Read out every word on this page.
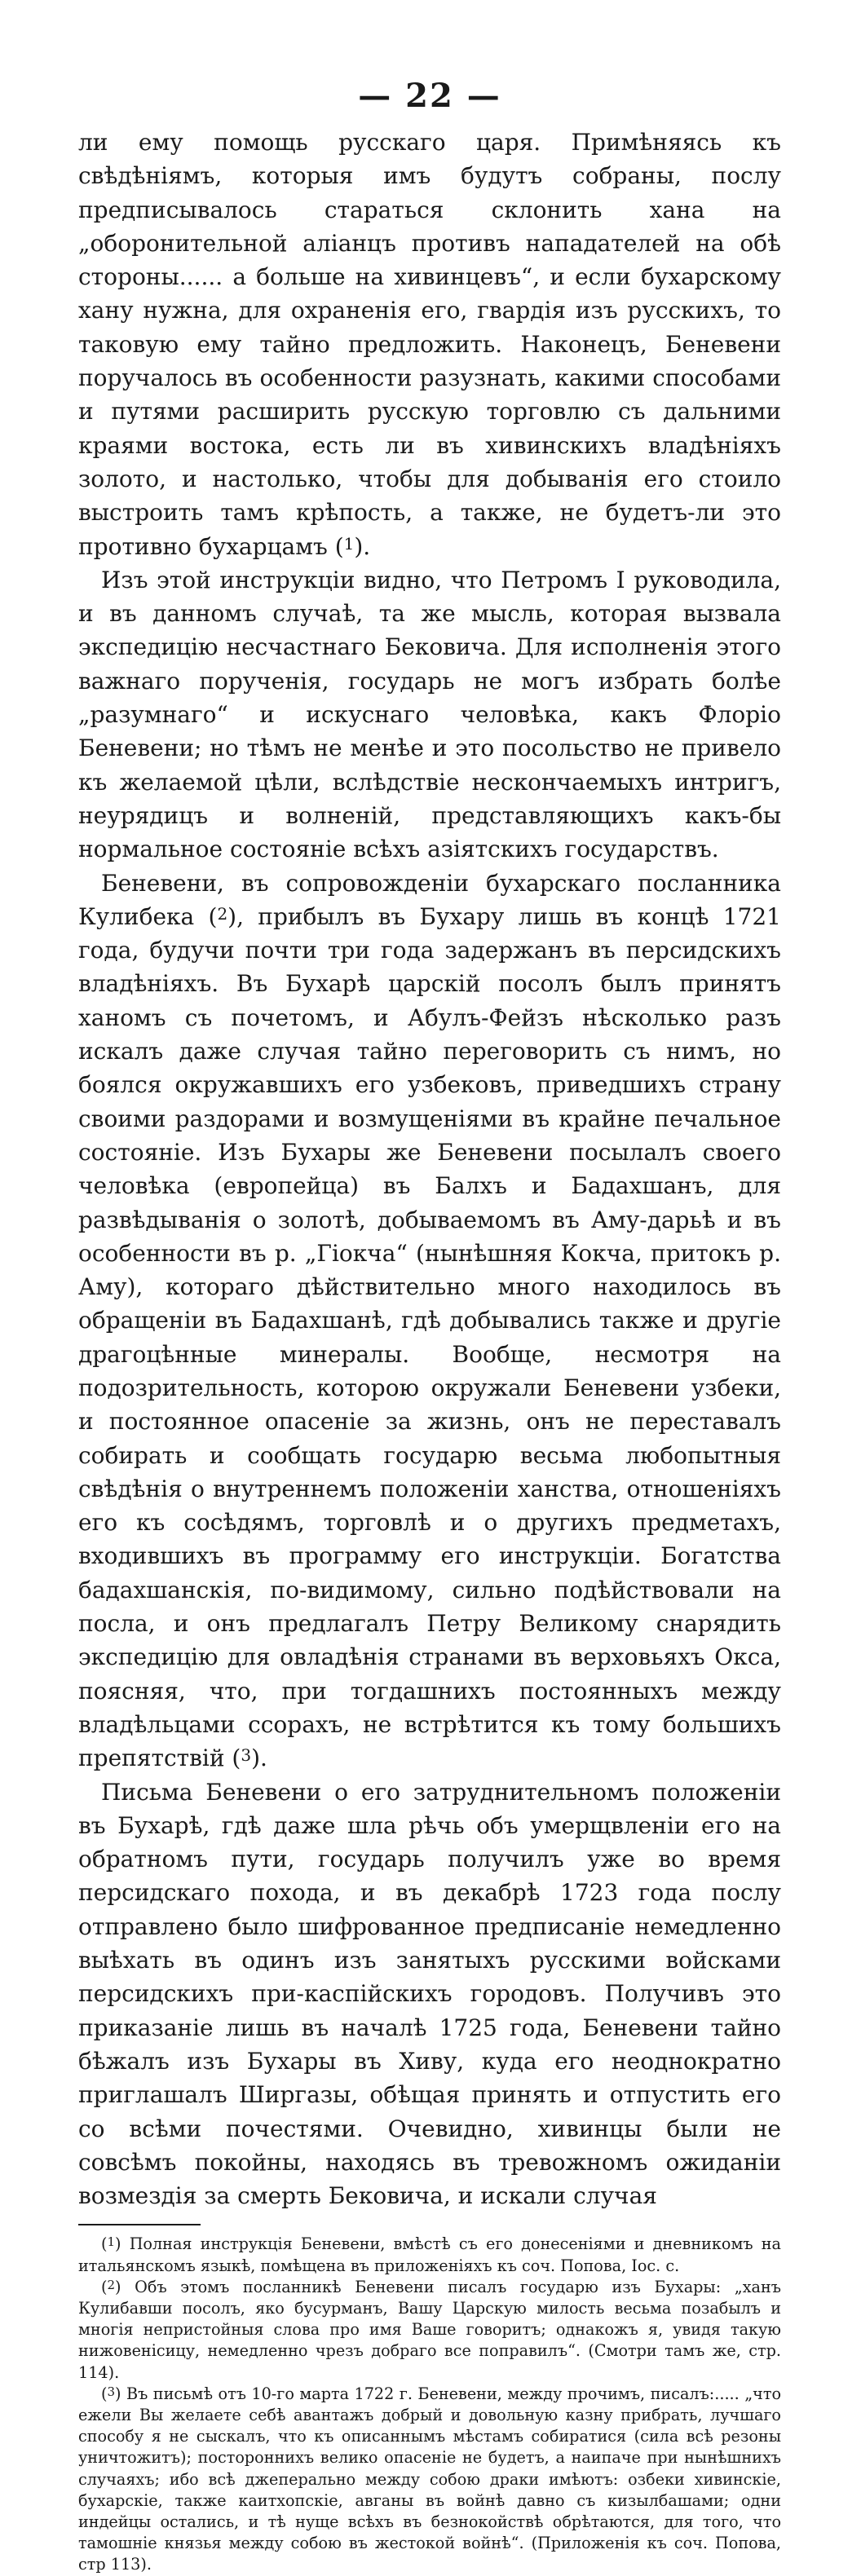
— 22 —

ли ему помощь русскаго царя. Примѣняясь къ свѣдѣніямъ, которыя имъ будутъ собраны, послу предписывалось стараться склонить хана на „оборонительной аліанцъ противъ нападателей на обѣ стороны...... а больше на хивинцевъ“, и если бухарскому хану нужна, для охраненія его, гвардія изъ русскихъ, то таковую ему тайно предложить. Наконецъ, Беневени поручалось въ особенности разузнать, какими способами и путями расширить русскую торговлю съ дальними краями востока, есть ли въ хивинскихъ владѣніяхъ золото, и настолько, чтобы для добыванія его стоило выстроить тамъ крѣпость, а также, не будетъ-ли это противно бухарцамъ ($^1$).

Изъ этой инструкціи видно, что Петромъ I руководила, и въ данномъ случаѣ, та же мысль, которая вызвала экспедицію несчастнаго Бековича. Для исполненія этого важнаго порученія, государь не могъ избрать болѣе „разумнаго“ и искуснаго человѣка, какъ Флоріо Беневени; но тѣмъ не менѣе и это посольство не привело къ желаемой цѣли, вслѣдствіе нескончаемыхъ интригъ, неурядицъ и волненій, представляющихъ какъ-бы нормальное состояніе всѣхъ азіятскихъ государствъ.

Беневени, въ сопровожденіи бухарскаго посланника Кулибека ($^2$), прибылъ въ Бухару лишь въ концѣ 1721 года, будучи почти три года задержанъ въ персидскихъ владѣніяхъ. Въ Бухарѣ царскій посолъ былъ принятъ ханомъ съ почетомъ, и Абулъ-Фейзъ нѣсколько разъ искалъ даже случая тайно переговорить съ нимъ, но боялся окружавшихъ его узбековъ, приведшихъ страну своими раздорами и возмущеніями въ крайне печальное состояніе. Изъ Бухары же Беневени посылалъ своего человѣка (европейца) въ Балхъ и Бадахшанъ, для развѣдыванія о золотѣ, добываемомъ въ Аму-дарьѣ и въ особенности въ р. „Гіокча“ (нынѣшняя Кокча, притокъ р. Аму), котораго дѣйствительно много находилось въ обращеніи въ Бадахшанѣ, гдѣ добывались также и другіе драгоцѣнные минералы. Вообще, несмотря на подозрительность, которою окружали Беневени узбеки, и постоянное опасеніе за жизнь, онъ не переставалъ собирать и сообщать государю весьма любопытныя свѣдѣнія о внутреннемъ положеніи ханства, отношеніяхъ его къ сосѣдямъ, торговлѣ и о другихъ предметахъ, входившихъ въ программу его инструкціи. Богатства бадахшанскія, по-видимому, сильно подѣйствовали на посла, и онъ предлагалъ Петру Великому снарядить экспедицію для овладѣнія странами въ верховьяхъ Окса, поясняя, что, при тогдашнихъ постоянныхъ между владѣльцами ссорахъ, не встрѣтится къ тому большихъ препятствій ($^3$).

Письма Беневени о его затруднительномъ положеніи въ Бухарѣ, гдѣ даже шла рѣчь объ умерщвленіи его на обратномъ пути, государь получилъ уже во время персидскаго похода, и въ декабрѣ 1723 года послу отправлено было шифрованное предписаніе немедленно выѣхать въ одинъ изъ занятыхъ русскими войсками персидскихъ при-каспійскихъ городовъ. Получивъ это приказаніе лишь въ началѣ 1725 года, Беневени тайно бѣжалъ изъ Бухары въ Хиву, куда его неоднократно приглашалъ Ширгазы, обѣщая принять и отпустить его со всѣми почестями. Очевидно, хивинцы были не совсѣмъ покойны, находясь въ тревожномъ ожиданіи возмездія за смерть Бековича, и искали случая

($^1$) Полная инструкція Беневени, вмѣстѣ съ его донесеніями и дневникомъ на итальянскомъ языкѣ, помѣщена въ приложеніяхъ къ соч. Попова, Іос. с.

($^2$) Объ этомъ посланникѣ Беневени писалъ государю изъ Бухары: „ханъ Кулибавши посолъ, яко бусурманъ, Вашу Царскую милость весьма позабылъ и многія непристойныя слова про имя Ваше говоритъ; однакожъ я, увидя такую нижовенісицу, немедленно чрезъ добраго все поправилъ“. (Смотри тамъ же, стр. 114).

($^3$) Въ письмѣ отъ 10-го марта 1722 г. Беневени, между прочимъ, писалъ:..... „что ежели Вы желаете себѣ авантажъ добрый и довольную казну прибрать, лучшаго способу я не сыскалъ, что къ описаннымъ мѣстамъ собиратися (сила всѣ резоны уничтожитъ); постороннихъ велико опасеніе не будетъ, а наипаче при нынѣшнихъ случаяхъ; ибо всѣ джеперально между собою драки имѣютъ: озбеки хивинскіе, бухарскіе, также каитхопскіе, авганы въ войнѣ давно съ кизылбашами; одни индейцы остались, и тѣ нуще всѣхъ въ безнокойствѣ обрѣтаются, для того, что тамошніе князья между собою въ жестокой войнѣ“. (Приложенія къ соч. Попова, стр 113).
